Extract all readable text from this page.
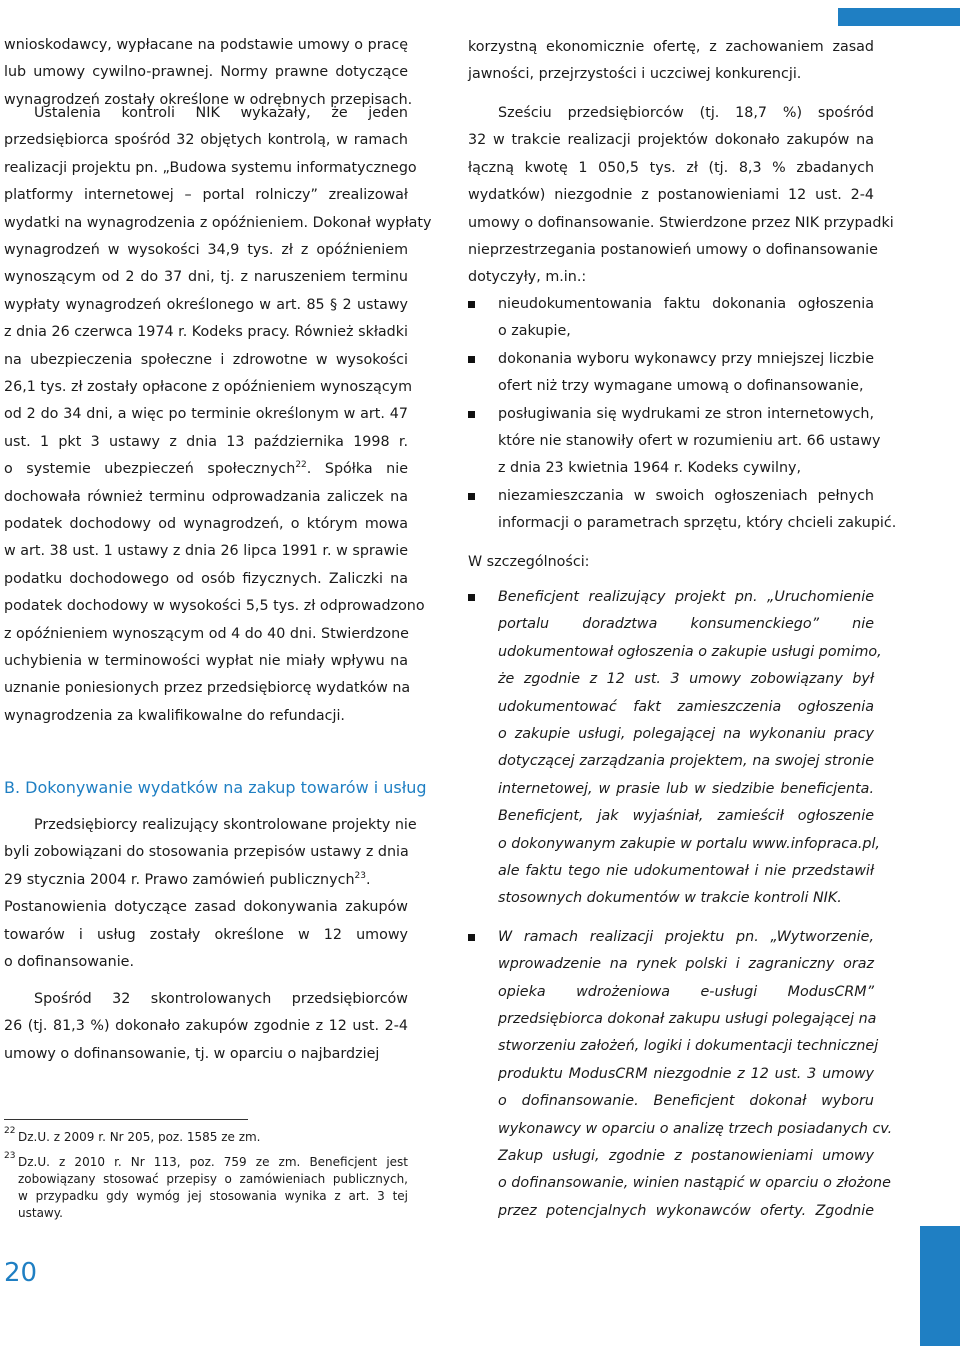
wnioskodawcy, wypłacane na podstawie umowy o pracę
lub umowy cywilno-prawnej. Normy prawne dotyczące
wynagrodzeń zostały określone w odrębnych przepisach.
Ustalenia kontroli NIK wykazały, że jeden
przedsiębiorca spośród 32 objętych kontrolą, w ramach
realizacji projektu pn. „Budowa systemu informatycznego
platformy internetowej – portal rolniczy” zrealizował
wydatki na wynagrodzenia z opóźnieniem. Dokonał wypłaty
wynagrodzeń w wysokości 34,9 tys. zł z opóźnieniem
wynoszącym od 2 do 37 dni, tj. z naruszeniem terminu
wypłaty wynagrodzeń określonego w art. 85 § 2 ustawy
z dnia 26 czerwca 1974 r. Kodeks pracy. Również składki
na ubezpieczenia społeczne i zdrowotne w wysokości
26,1 tys. zł zostały opłacone z opóźnieniem wynoszącym
od 2 do 34 dni, a więc po terminie określonym w art. 47
ust. 1 pkt 3 ustawy z dnia 13 października 1998 r.
o systemie ubezpieczeń społecznych$^{22}$. Spółka nie
dochowała również terminu odprowadzania zaliczek na
podatek dochodowy od wynagrodzeń, o którym mowa
w art. 38 ust. 1 ustawy z dnia 26 lipca 1991 r. w sprawie
podatku dochodowego od osób fizycznych. Zaliczki na
podatek dochodowy w wysokości 5,5 tys. zł odprowadzono
z opóźnieniem wynoszącym od 4 do 40 dni. Stwierdzone
uchybienia w terminowości wypłat nie miały wpływu na
uznanie poniesionych przez przedsiębiorcę wydatków na
wynagrodzenia za kwalifikowalne do refundacji.
B. Dokonywanie wydatków na zakup towarów i usług
Przedsiębiorcy realizujący skontrolowane projekty nie
byli zobowiązani do stosowania przepisów ustawy z dnia
29 stycznia 2004 r. Prawo zamówień publicznych$^{23}$.
Postanowienia dotyczące zasad dokonywania zakupów
towarów i usług zostały określone w 12 umowy
o dofinansowanie.
Spośród 32 skontrolowanych przedsiębiorców
26 (tj. 81,3 %) dokonało zakupów zgodnie z 12 ust. 2-4
umowy o dofinansowanie, tj. w oparciu o najbardziej
22 Dz.U. z 2009 r. Nr 205, poz. 1585 ze zm.
23 Dz.U. z 2010 r. Nr 113, poz. 759 ze zm. Beneficjent jest
zobowiązany stosować przepisy o zamówieniach publicznych,
w przypadku gdy wymóg jej stosowania wynika z art. 3 tej
ustawy.
korzystną ekonomicznie ofertę, z zachowaniem zasad
jawności, przejrzystości i uczciwej konkurencji.
Sześciu przedsiębiorców (tj. 18,7 %) spośród
32 w trakcie realizacji projektów dokonało zakupów na
łączną kwotę 1 050,5 tys. zł (tj. 8,3 % zbadanych
wydatków) niezgodnie z postanowieniami 12 ust. 2-4
umowy o dofinansowanie. Stwierdzone przez NIK przypadki
nieprzestrzegania postanowień umowy o dofinansowanie
dotyczyły, m.in.:
nieudokumentowania faktu dokonania ogłoszenia
o zakupie,
dokonania wyboru wykonawcy przy mniejszej liczbie
ofert niż trzy wymagane umową o dofinansowanie,
posługiwania się wydrukami ze stron internetowych,
które nie stanowiły ofert w rozumieniu art. 66 ustawy
z dnia 23 kwietnia 1964 r. Kodeks cywilny,
niezamieszczania w swoich ogłoszeniach pełnych
informacji o parametrach sprzętu, który chcieli zakupić.
W szczególności:
Beneficjent realizujący projekt pn. „Uruchomienie
portalu doradztwa konsumenckiego” nie
udokumentował ogłoszenia o zakupie usługi pomimo,
że zgodnie z 12 ust. 3 umowy zobowiązany był
udokumentować fakt zamieszczenia ogłoszenia
o zakupie usługi, polegającej na wykonaniu pracy
dotyczącej zarządzania projektem, na swojej stronie
internetowej, w prasie lub w siedzibie beneficjenta.
Beneficjent, jak wyjaśniał, zamieścił ogłoszenie
o dokonywanym zakupie w portalu www.infopraca.pl,
ale faktu tego nie udokumentował i nie przedstawił
stosownych dokumentów w trakcie kontroli NIK.
W ramach realizacji projektu pn. „Wytworzenie,
wprowadzenie na rynek polski i zagraniczny oraz
opieka wdrożeniowa e-usługi ModusCRM”
przedsiębiorca dokonał zakupu usługi polegającej na
stworzeniu założeń, logiki i dokumentacji technicznej
produktu ModusCRM niezgodnie z 12 ust. 3 umowy
o dofinansowanie. Beneficjent dokonał wyboru
wykonawcy w oparciu o analizę trzech posiadanych cv.
Zakup usługi, zgodnie z postanowieniami umowy
o dofinansowanie, winien nastąpić w oparciu o złożone
przez potencjalnych wykonawców oferty. Zgodnie
20
